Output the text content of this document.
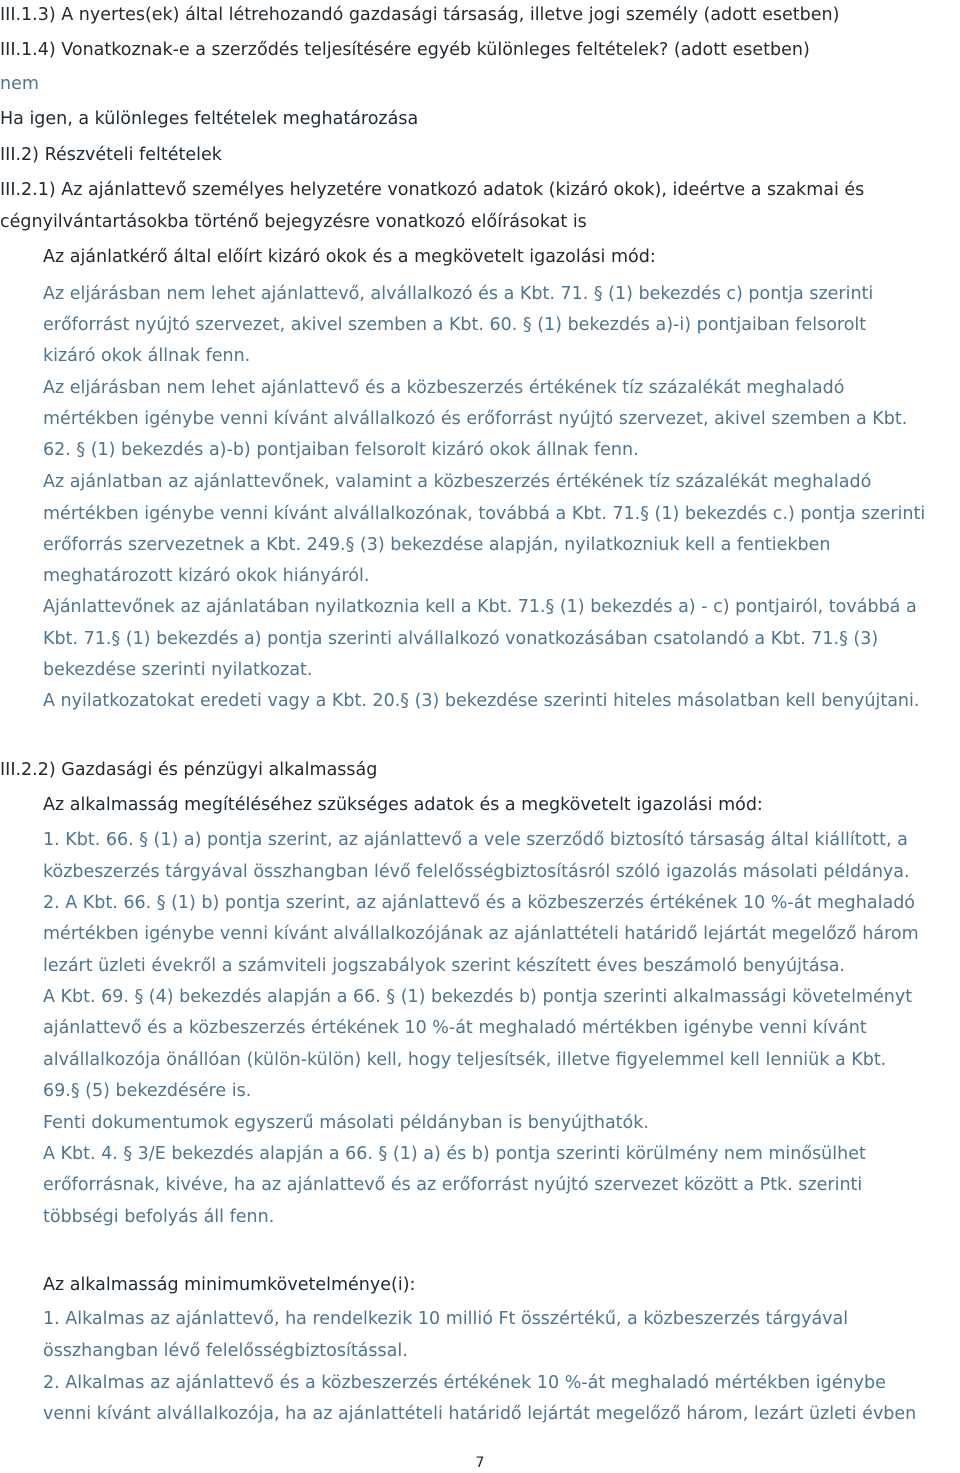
III.1.3) A nyertes(ek) által létrehozandó gazdasági társaság, illetve jogi személy (adott esetben)
III.1.4) Vonatkoznak-e a szerződés teljesítésére egyéb különleges feltételek? (adott esetben)
nem
Ha igen, a különleges feltételek meghatározása
III.2) Részvételi feltételek
III.2.1) Az ajánlattevő személyes helyzetére vonatkozó adatok (kizáró okok), ideértve a szakmai és
cégnyilvántartásokba történő bejegyzésre vonatkozó előírásokat is
Az ajánlatkérő által előírt kizáró okok és a megkövetelt igazolási mód:
Az eljárásban nem lehet ajánlattevő, alvállalkozó és a Kbt. 71. § (1) bekezdés c) pontja szerinti
erőforrást nyújtó szervezet, akivel szemben a Kbt. 60. § (1) bekezdés a)-i) pontjaiban felsorolt
kizáró okok állnak fenn.
Az eljárásban nem lehet ajánlattevő és a közbeszerzés értékének tíz százalékát meghaladó
mértékben igénybe venni kívánt alvállalkozó és erőforrást nyújtó szervezet, akivel szemben a Kbt.
62. § (1) bekezdés a)-b) pontjaiban felsorolt kizáró okok állnak fenn.
Az ajánlatban az ajánlattevőnek, valamint a közbeszerzés értékének tíz százalékát meghaladó
mértékben igénybe venni kívánt alvállalkozónak, továbbá a Kbt. 71.§ (1) bekezdés c.) pontja szerinti
erőforrás szervezetnek a Kbt. 249.§ (3) bekezdése alapján, nyilatkozniuk kell a fentiekben
meghatározott kizáró okok hiányáról.
Ajánlattevőnek az ajánlatában nyilatkoznia kell a Kbt. 71.§ (1) bekezdés a) - c) pontjairól, továbbá a
Kbt. 71.§ (1) bekezdés a) pontja szerinti alvállalkozó vonatkozásában csatolandó a Kbt. 71.§ (3)
bekezdése szerinti nyilatkozat.
A nyilatkozatokat eredeti vagy a Kbt. 20.§ (3) bekezdése szerinti hiteles másolatban kell benyújtani.
III.2.2) Gazdasági és pénzügyi alkalmasság
Az alkalmasság megítéléséhez szükséges adatok és a megkövetelt igazolási mód:
1. Kbt. 66. § (1) a) pontja szerint, az ajánlattevő a vele szerződő biztosító társaság által kiállított, a
közbeszerzés tárgyával összhangban lévő felelősségbiztosításról szóló igazolás másolati példánya.
2. A Kbt. 66. § (1) b) pontja szerint, az ajánlattevő és a közbeszerzés értékének 10 %-át meghaladó
mértékben igénybe venni kívánt alvállalkozójának az ajánlattételi határidő lejártát megelőző három
lezárt üzleti évekről a számviteli jogszabályok szerint készített éves beszámoló benyújtása.
A Kbt. 69. § (4) bekezdés alapján a 66. § (1) bekezdés b) pontja szerinti alkalmassági követelményt
ajánlattevő és a közbeszerzés értékének 10 %-át meghaladó mértékben igénybe venni kívánt
alvállalkozója önállóan (külön-külön) kell, hogy teljesítsék, illetve figyelemmel kell lenniük a Kbt.
69.§ (5) bekezdésére is.
Fenti dokumentumok egyszerű másolati példányban is benyújthatók.
A Kbt. 4. § 3/E bekezdés alapján a 66. § (1) a) és b) pontja szerinti körülmény nem minősülhet
erőforrásnak, kivéve, ha az ajánlattevő és az erőforrást nyújtó szervezet között a Ptk. szerinti
többségi befolyás áll fenn.
Az alkalmasság minimumkövetelménye(i):
1. Alkalmas az ajánlattevő, ha rendelkezik 10 millió Ft összértékű, a közbeszerzés tárgyával
összhangban lévő felelősségbiztosítással.
2. Alkalmas az ajánlattevő és a közbeszerzés értékének 10 %-át meghaladó mértékben igénybe
venni kívánt alvállalkozója, ha az ajánlattételi határidő lejártát megelőző három, lezárt üzleti évben
7
